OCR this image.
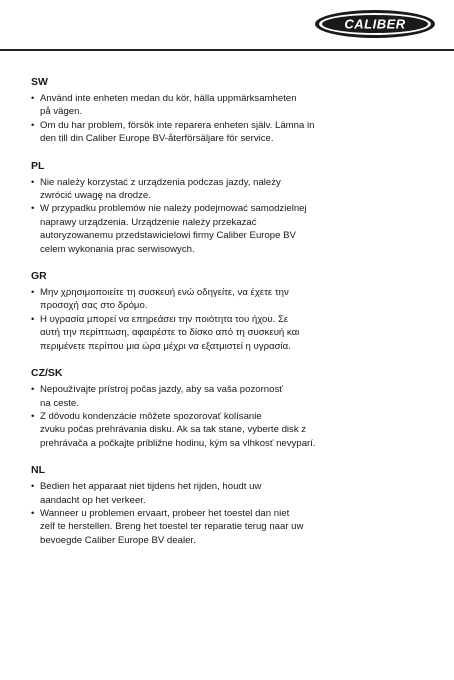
CALIBER
SW
• Använd inte enheten medan du kör, hälla uppmärksamheten
på vägen.
• Om du har problem, försök inte reparera enheten själv. Lämna in
den till din Caliber Europe BV-återförsäljare för service.
PL
• Nie należy korzystać z urządzenia podczas jazdy, należy
zwrócić uwagę na drodze.
• W przypadku problemów nie należy podejmować samodzielnej
naprawy urządzenia. Urządzenie należy przekazać
autoryzowanemu przedstawicielowi firmy Caliber Europe BV
celem wykonania prac serwisowych.
GR
• Μην χρησιμοποιείτε τη συσκευή ενώ οδηγείτε, να έχετε την
προσοχή σας στο δρόμο.
• Η υγρασία μπορεί να επηρεάσει την ποιότητα του ήχου. Σε
αυτή την περίπτωση, αφαιρέστε το δίσκο από τη συσκευή και
περιμένετε περίπου μια ώρα μέχρι να εξατμιστεί η υγρασία.
CZ/SK
• Nepoužívajte prístroj počas jazdy, aby sa vaša pozornosť
na ceste.
• Z dôvodu kondenzácie môžete spozorovať kolísanie
zvuku počas prehrávania disku. Ak sa tak stane, vyberte disk z
prehrávača a počkajte približne hodinu, kým sa vlhkosť nevyparí.
NL
• Bedien het apparaat niet tijdens het rijden, houdt uw
aandacht op het verkeer.
• Wanneer u problemen ervaart, probeer het toestel dan niet
zelf te herstellen. Breng het toestel ter reparatie terug naar uw
bevoegde Caliber Europe BV dealer.
